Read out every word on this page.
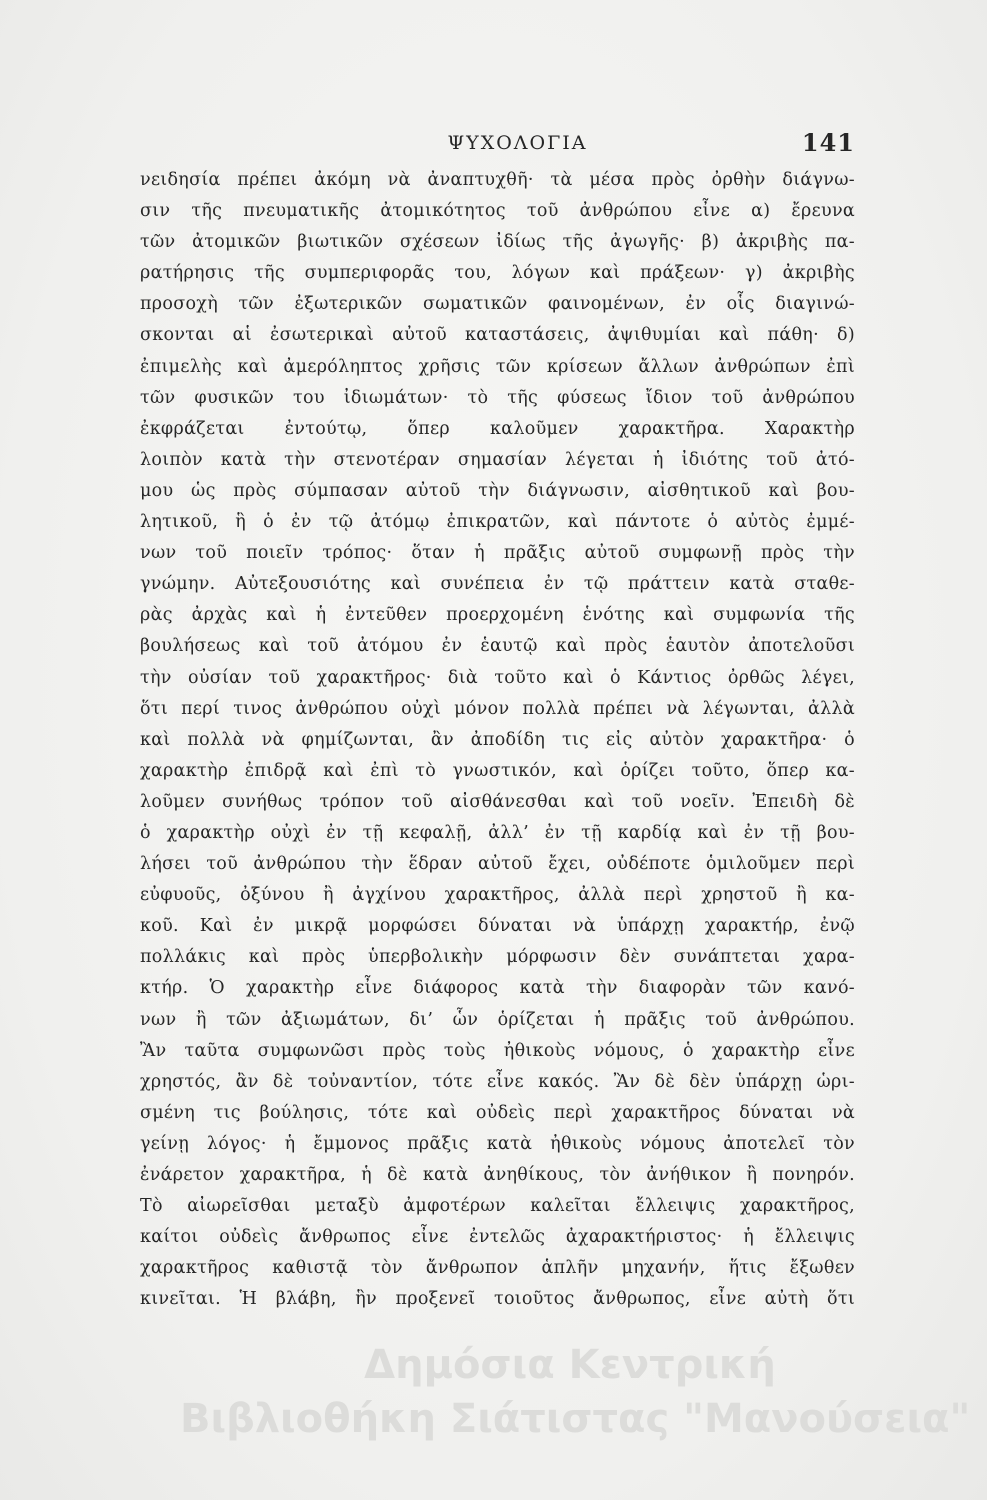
ΨΥΧΟΛΟΓΙΑ	141
νειδησία πρέπει ἀκόμη νὰ ἀναπτυχθῆ· τὰ μέσα πρὸς ὀρθὴν διάγνω-
σιν τῆς πνευματικῆς ἀτομικότητος τοῦ ἀνθρώπου εἶνε α) ἔρευνα
τῶν ἀτομικῶν βιωτικῶν σχέσεων ἰδίως τῆς ἀγωγῆς· β) ἀκριβὴς πα-
ρατήρησις τῆς συμπεριφορᾶς του, λόγων καὶ πράξεων· γ) ἀκριβὴς
προσοχὴ τῶν ἐξωτερικῶν σωματικῶν φαινομένων, ἐν οἷς διαγινώ-
σκονται αἱ ἐσωτερικαὶ αὐτοῦ καταστάσεις, ἀψιθυμίαι καὶ πάθη· δ)
ἐπιμελὴς καὶ ἀμερόληπτος χρῆσις τῶν κρίσεων ἄλλων ἀνθρώπων ἐπὶ
τῶν φυσικῶν του ἰδιωμάτων· τὸ τῆς φύσεως ἴδιον τοῦ ἀνθρώπου
ἐκφράζεται ἐντούτῳ, ὅπερ καλοῦμεν χαρακτῆρα. Χαρακτὴρ
λοιπὸν κατὰ τὴν στενοτέραν σημασίαν λέγεται ἡ ἰδιότης τοῦ ἀτό-
μου ὡς πρὸς σύμπασαν αὐτοῦ τὴν διάγνωσιν, αἰσθητικοῦ καὶ βου-
λητικοῦ, ἣ ὁ ἐν τῷ ἀτόμῳ ἐπικρατῶν, καὶ πάντοτε ὁ αὐτὸς ἐμμέ-
νων τοῦ ποιεῖν τρόπος· ὅταν ἡ πρᾶξις αὐτοῦ συμφωνῇ πρὸς τὴν
γνώμην. Αὐτεξουσιότης καὶ συνέπεια ἐν τῷ πράττειν κατὰ σταθε-
ρὰς ἀρχὰς καὶ ἡ ἐντεῦθεν προερχομένη ἑνότης καὶ συμφωνία τῆς
βουλήσεως καὶ τοῦ ἀτόμου ἐν ἑαυτῷ καὶ πρὸς ἑαυτὸν ἀποτελοῦσι
τὴν οὐσίαν τοῦ χαρακτῆρος· διὰ τοῦτο καὶ ὁ Κάντιος ὀρθῶς λέγει,
ὅτι περί τινος ἀνθρώπου οὐχὶ μόνον πολλὰ πρέπει νὰ λέγωνται, ἀλλὰ
καὶ πολλὰ νὰ φημίζωνται, ἂν ἀποδίδη τις εἰς αὐτὸν χαρακτῆρα· ὁ
χαρακτὴρ ἐπιδρᾷ καὶ ἐπὶ τὸ γνωστικόν, καὶ ὁρίζει τοῦτο, ὅπερ κα-
λοῦμεν συνήθως τρόπον τοῦ αἰσθάνεσθαι καὶ τοῦ νοεῖν. Ἐπειδὴ δὲ
ὁ χαρακτὴρ οὐχὶ ἐν τῇ κεφαλῇ, ἀλλ’ ἐν τῇ καρδίᾳ καὶ ἐν τῇ βου-
λήσει τοῦ ἀνθρώπου τὴν ἕδραν αὐτοῦ ἔχει, οὐδέποτε ὁμιλοῦμεν περὶ
εὐφυοῦς, ὀξύνου ἢ ἀγχίνου χαρακτῆρος, ἀλλὰ περὶ χρηστοῦ ἢ κα-
κοῦ. Καὶ ἐν μικρᾷ μορφώσει δύναται νὰ ὑπάρχῃ χαρακτήρ, ἐνῷ
πολλάκις καὶ πρὸς ὑπερβολικὴν μόρφωσιν δὲν συνάπτεται χαρα-
κτήρ. Ὁ χαρακτὴρ εἶνε διάφορος κατὰ τὴν διαφορὰν τῶν κανό-
νων ἢ τῶν ἀξιωμάτων, δι’ ὧν ὁρίζεται ἡ πρᾶξις τοῦ ἀνθρώπου.
Ἂν ταῦτα συμφωνῶσι πρὸς τοὺς ἠθικοὺς νόμους, ὁ χαρακτὴρ εἶνε
χρηστός, ἂν δὲ τοὐναντίον, τότε εἶνε κακός. Ἂν δὲ δὲν ὑπάρχῃ ὡρι-
σμένη τις βούλησις, τότε καὶ οὐδεὶς περὶ χαρακτῆρος δύναται νὰ
γείνῃ λόγος· ἡ ἔμμονος πρᾶξις κατὰ ἠθικοὺς νόμους ἀποτελεῖ τὸν
ἐνάρετον χαρακτῆρα, ἡ δὲ κατὰ ἀνηθίκους, τὸν ἀνήθικον ἢ πονηρόν.
Τὸ αἰωρεῖσθαι μεταξὺ ἀμφοτέρων καλεῖται ἔλλειψις χαρακτῆρος,
καίτοι οὐδεὶς ἄνθρωπος εἶνε ἐντελῶς ἀχαρακτήριστος· ἡ ἔλλειψις
χαρακτῆρος καθιστᾷ τὸν ἄνθρωπον ἁπλῆν μηχανήν, ἥτις ἔξωθεν
κινεῖται. Ἡ βλάβη, ἣν προξενεῖ τοιοῦτος ἄνθρωπος, εἶνε αὐτὴ ὅτι
Δημόσια Κεντρική
Βιβλιοθήκη Σιάτιστας "Μανούσεια"
